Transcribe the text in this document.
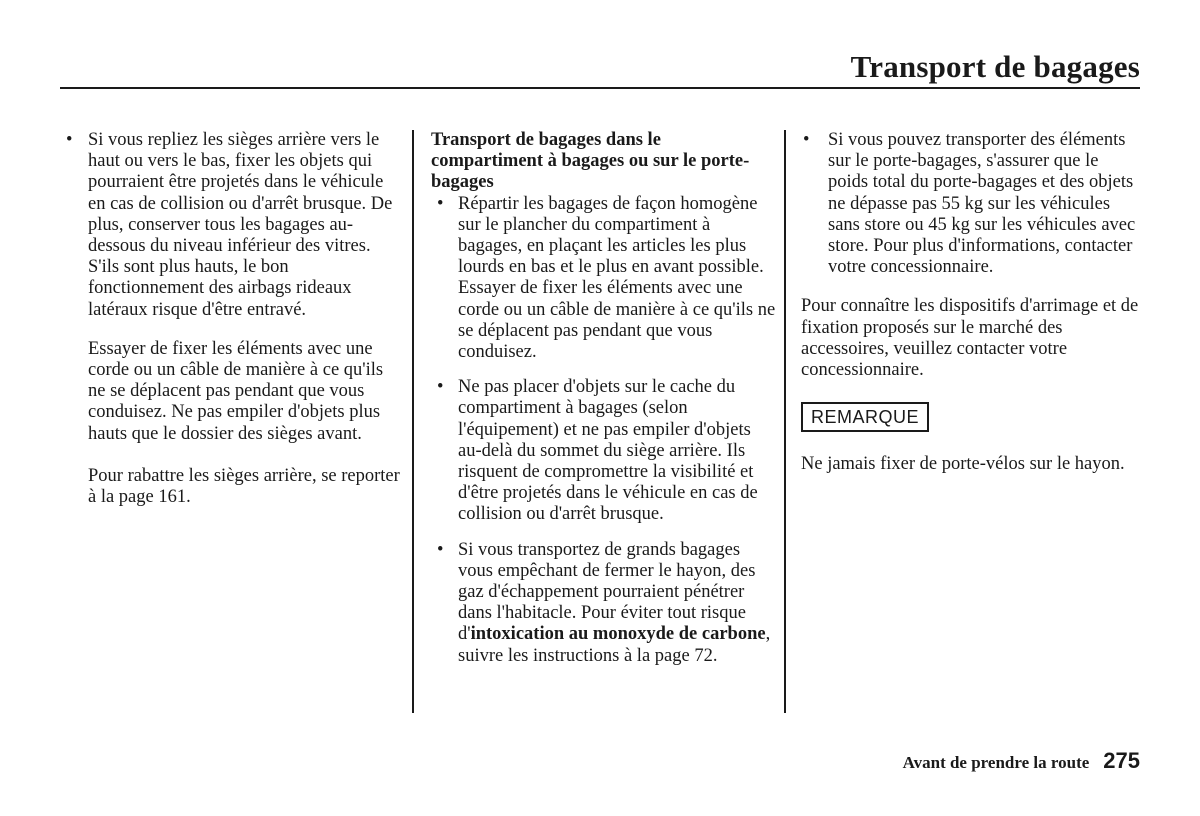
Transport de bagages
• Si vous repliez les sièges arrière vers le haut ou vers le bas, fixer les objets qui pourraient être projetés dans le véhicule en cas de collision ou d'arrêt brusque. De plus, conserver tous les bagages au-dessous du niveau inférieur des vitres. S'ils sont plus hauts, le bon fonctionnement des airbags rideaux latéraux risque d'être entravé.

Essayer de fixer les éléments avec une corde ou un câble de manière à ce qu'ils ne se déplacent pas pendant que vous conduisez. Ne pas empiler d'objets plus hauts que le dossier des sièges avant.

Pour rabattre les sièges arrière, se reporter à la page 161.

Transport de bagages dans le compartiment à bagages ou sur le porte-bagages

• Répartir les bagages de façon homogène sur le plancher du compartiment à bagages, en plaçant les articles les plus lourds en bas et le plus en avant possible. Essayer de fixer les éléments avec une corde ou un câble de manière à ce qu'ils ne se déplacent pas pendant que vous conduisez.
• Ne pas placer d'objets sur le cache du compartiment à bagages (selon l'équipement) et ne pas empiler d'objets au-delà du sommet du siège arrière. Ils risquent de compromettre la visibilité et d'être projetés dans le véhicule en cas de collision ou d'arrêt brusque.
• Si vous transportez de grands bagages vous empêchant de fermer le hayon, des gaz d'échappement pourraient pénétrer dans l'habitacle. Pour éviter tout risque d'intoxication au monoxyde de carbone, suivre les instructions à la page 72.
• Si vous pouvez transporter des éléments sur le porte-bagages, s'assurer que le poids total du porte-bagages et des objets ne dépasse pas 55 kg sur les véhicules sans store ou 45 kg sur les véhicules avec store. Pour plus d'informations, contacter votre concessionnaire.

Pour connaître les dispositifs d'arrimage et de fixation proposés sur le marché des accessoires, veuillez contacter votre concessionnaire.

REMARQUE

Ne jamais fixer de porte-vélos sur le hayon.

Avant de prendre la route 275
